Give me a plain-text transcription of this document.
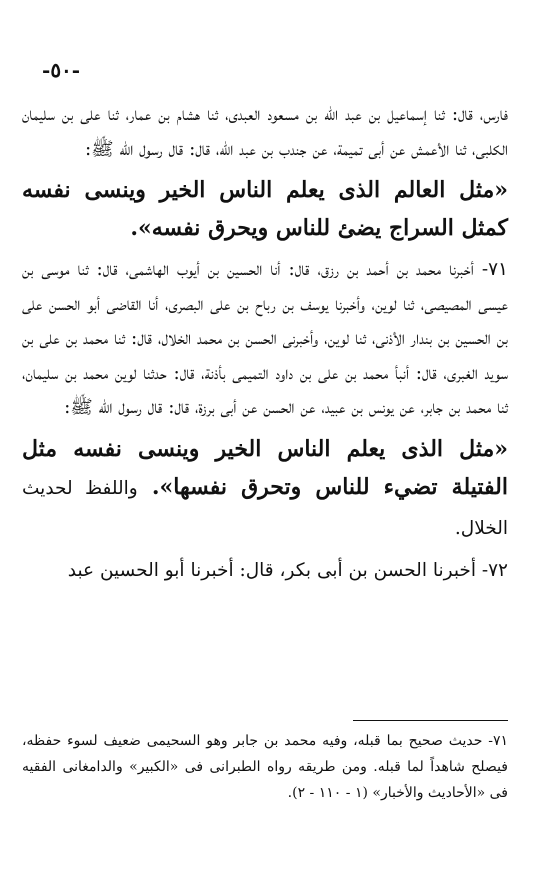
-٥٠-

فارس، قال: ثنا إسماعيل بن عبد الله بن مسعود العبدى، ثنا هشام بن عمار، ثنا على بن سليمان الكلبى، ثنا الأعمش عن أبى تميمة، عن جندب بن عبد الله، قال: قال رسول الله ﷺ:

«مثل العالم الذى يعلم الناس الخير وينسى نفسه كمثل السراج يضئ للناس ويحرق نفسه».

٧١- أخبرنا محمد بن أحمد بن رزق، قال: أنا الحسين بن أيوب الهاشمى، قال: ثنا موسى بن عيسى المصيصى، ثنا لوين، وأخبرنا يوسف بن رباح بن على البصرى، أنا القاضى أبو الحسن على بن الحسين بن بندار الأذنى، ثنا لوين، وأخبرنى الحسن بن محمد الخلال، قال: ثنا محمد بن على بن سويد الغبرى، قال: أنبأ محمد بن على بن داود التميمى بأذنة، قال: حدثنا لوين محمد بن سليمان، ثنا محمد بن جابر، عن يونس بن عبيد، عن الحسن عن أبى برزة، قال: قال رسول الله ﷺ:

«مثل الذى يعلم الناس الخير وينسى نفسه مثل الفتيلة تضيء للناس وتحرق نفسها». واللفظ لحديث الخلال.

٧٢- أخبرنا الحسن بن أبى بكر، قال: أخبرنا أبو الحسين عبد

٧١- حديث صحيح بما قبله، وفيه محمد بن جابر وهو السحيمى ضعيف لسوء حفظه، فيصلح شاهداً لما قبله. ومن طريقه رواه الطبرانى فى «الكبير» والدامغانى الفقيه فى «الأحاديث والأخبار» (١ - ١١٠ - ٢).
